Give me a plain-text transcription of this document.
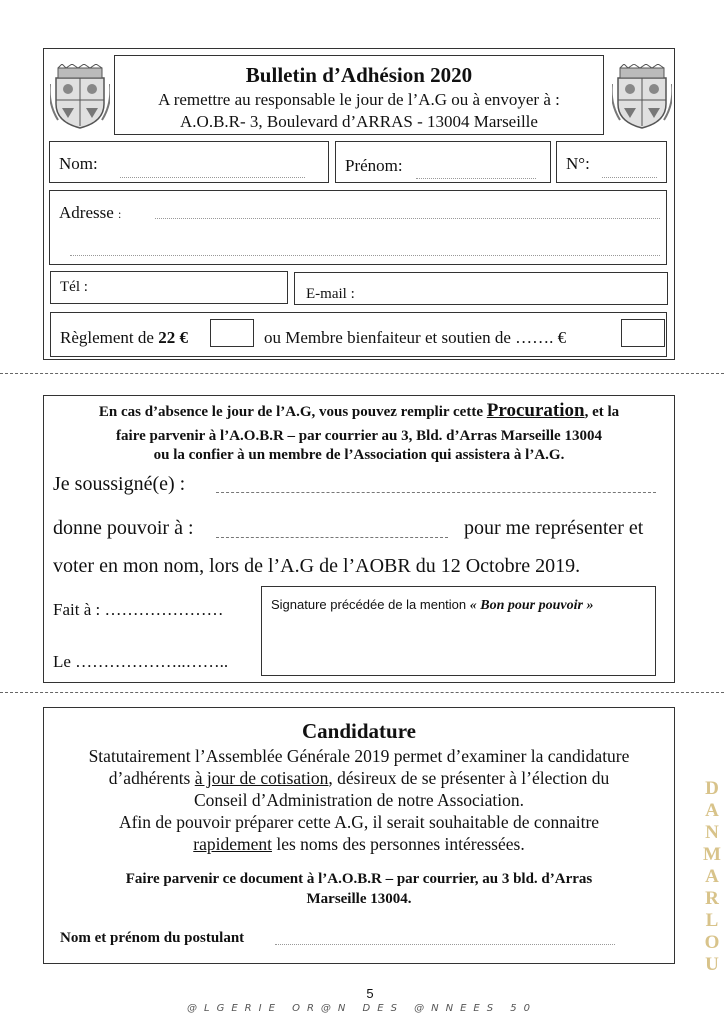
Bulletin d’Adhésion 2020
A remettre au responsable le jour de l’A.G ou à envoyer à :
A.O.B.R- 3, Boulevard d’ARRAS - 13004 Marseille
Nom:	Prénom:	N°:
Adresse :
Tél :	E-mail :
Règlement de 22 €	ou Membre bienfaiteur et soutien de ……. €
En cas d’absence le jour de l’A.G, vous pouvez remplir cette Procuration, et la
faire parvenir à l’A.O.B.R – par courrier au 3, Bld. d’Arras Marseille 13004
ou la confier à un membre de l’Association qui assistera à l’A.G.
Je soussigné(e) :
donne pouvoir à :	pour me représenter et
voter en mon nom, lors de l’A.G de l’AOBR du 12 Octobre 2019.
Fait à : …………………
Le ………………..……..
Signature précédée de la mention « Bon pour pouvoir »
Candidature
Statutairement l’Assemblée Générale 2019 permet d’examiner la candidature
d’adhérents à jour de cotisation, désireux de se présenter à l’élection du
Conseil d’Administration de notre Association.
Afin de pouvoir préparer cette A.G, il serait souhaitable de connaitre
rapidement les noms des personnes intéressées.
Faire parvenir ce document à l’A.O.B.R – par courrier, au 3 bld. d’Arras
Marseille 13004.
Nom et prénom du postulant
D
A
N
M
A
R
L
O
U
5
@LGERIE OR@N DES @NNEES 50
